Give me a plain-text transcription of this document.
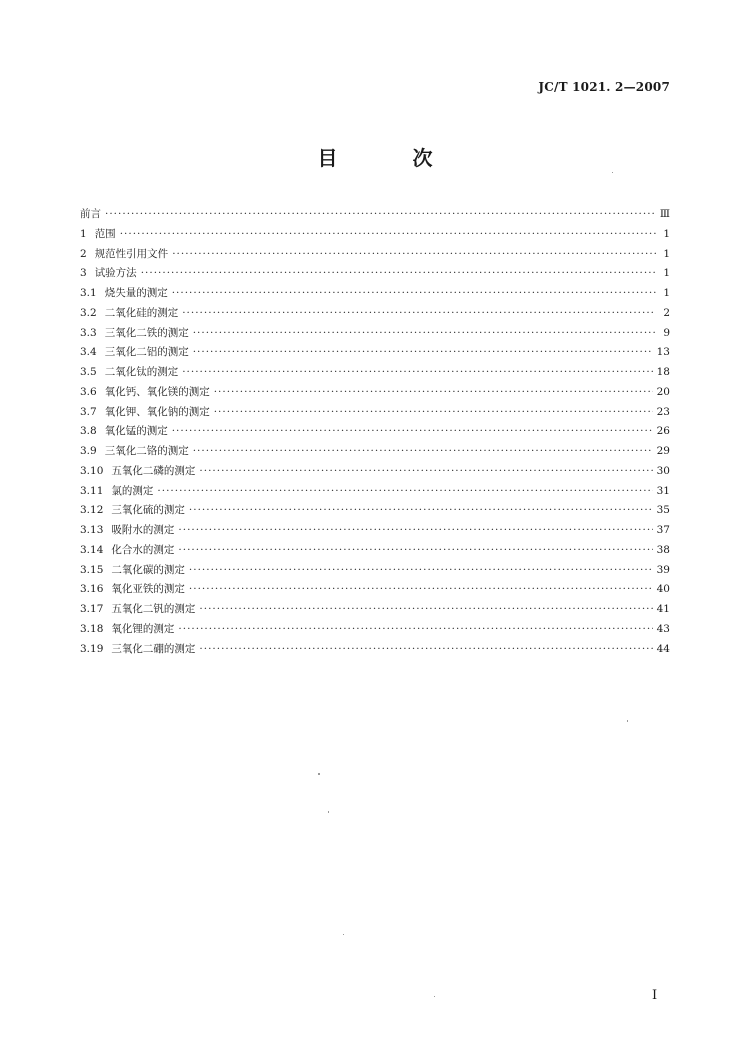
JC/T 1021. 2—2007
目 次
前言 ·····	Ⅲ
1 范围 ·····	1
2 规范性引用文件 ·····	1
3 试验方法 ·····	1
3.1 烧失量的测定 ·····	1
3.2 二氧化硅的测定 ·····	2
3.3 三氧化二铁的测定 ·····	9
3.4 三氧化二铝的测定 ·····	13
3.5 二氧化钛的测定 ·····	18
3.6 氧化钙、氧化镁的测定 ·····	20
3.7 氧化钾、氧化钠的测定 ·····	23
3.8 氧化锰的测定 ·····	26
3.9 三氧化二铬的测定 ·····	29
3.10 五氧化二磷的测定 ·····	30
3.11 氯的测定 ·····	31
3.12 三氧化硫的测定 ·····	35
3.13 吸附水的测定 ·····	37
3.14 化合水的测定 ·····	38
3.15 二氧化碳的测定 ·····	39
3.16 氧化亚铁的测定 ·····	40
3.17 五氧化二钒的测定 ·····	41
3.18 氧化锂的测定 ·····	43
3.19 三氧化二硼的测定 ·····	44
I
